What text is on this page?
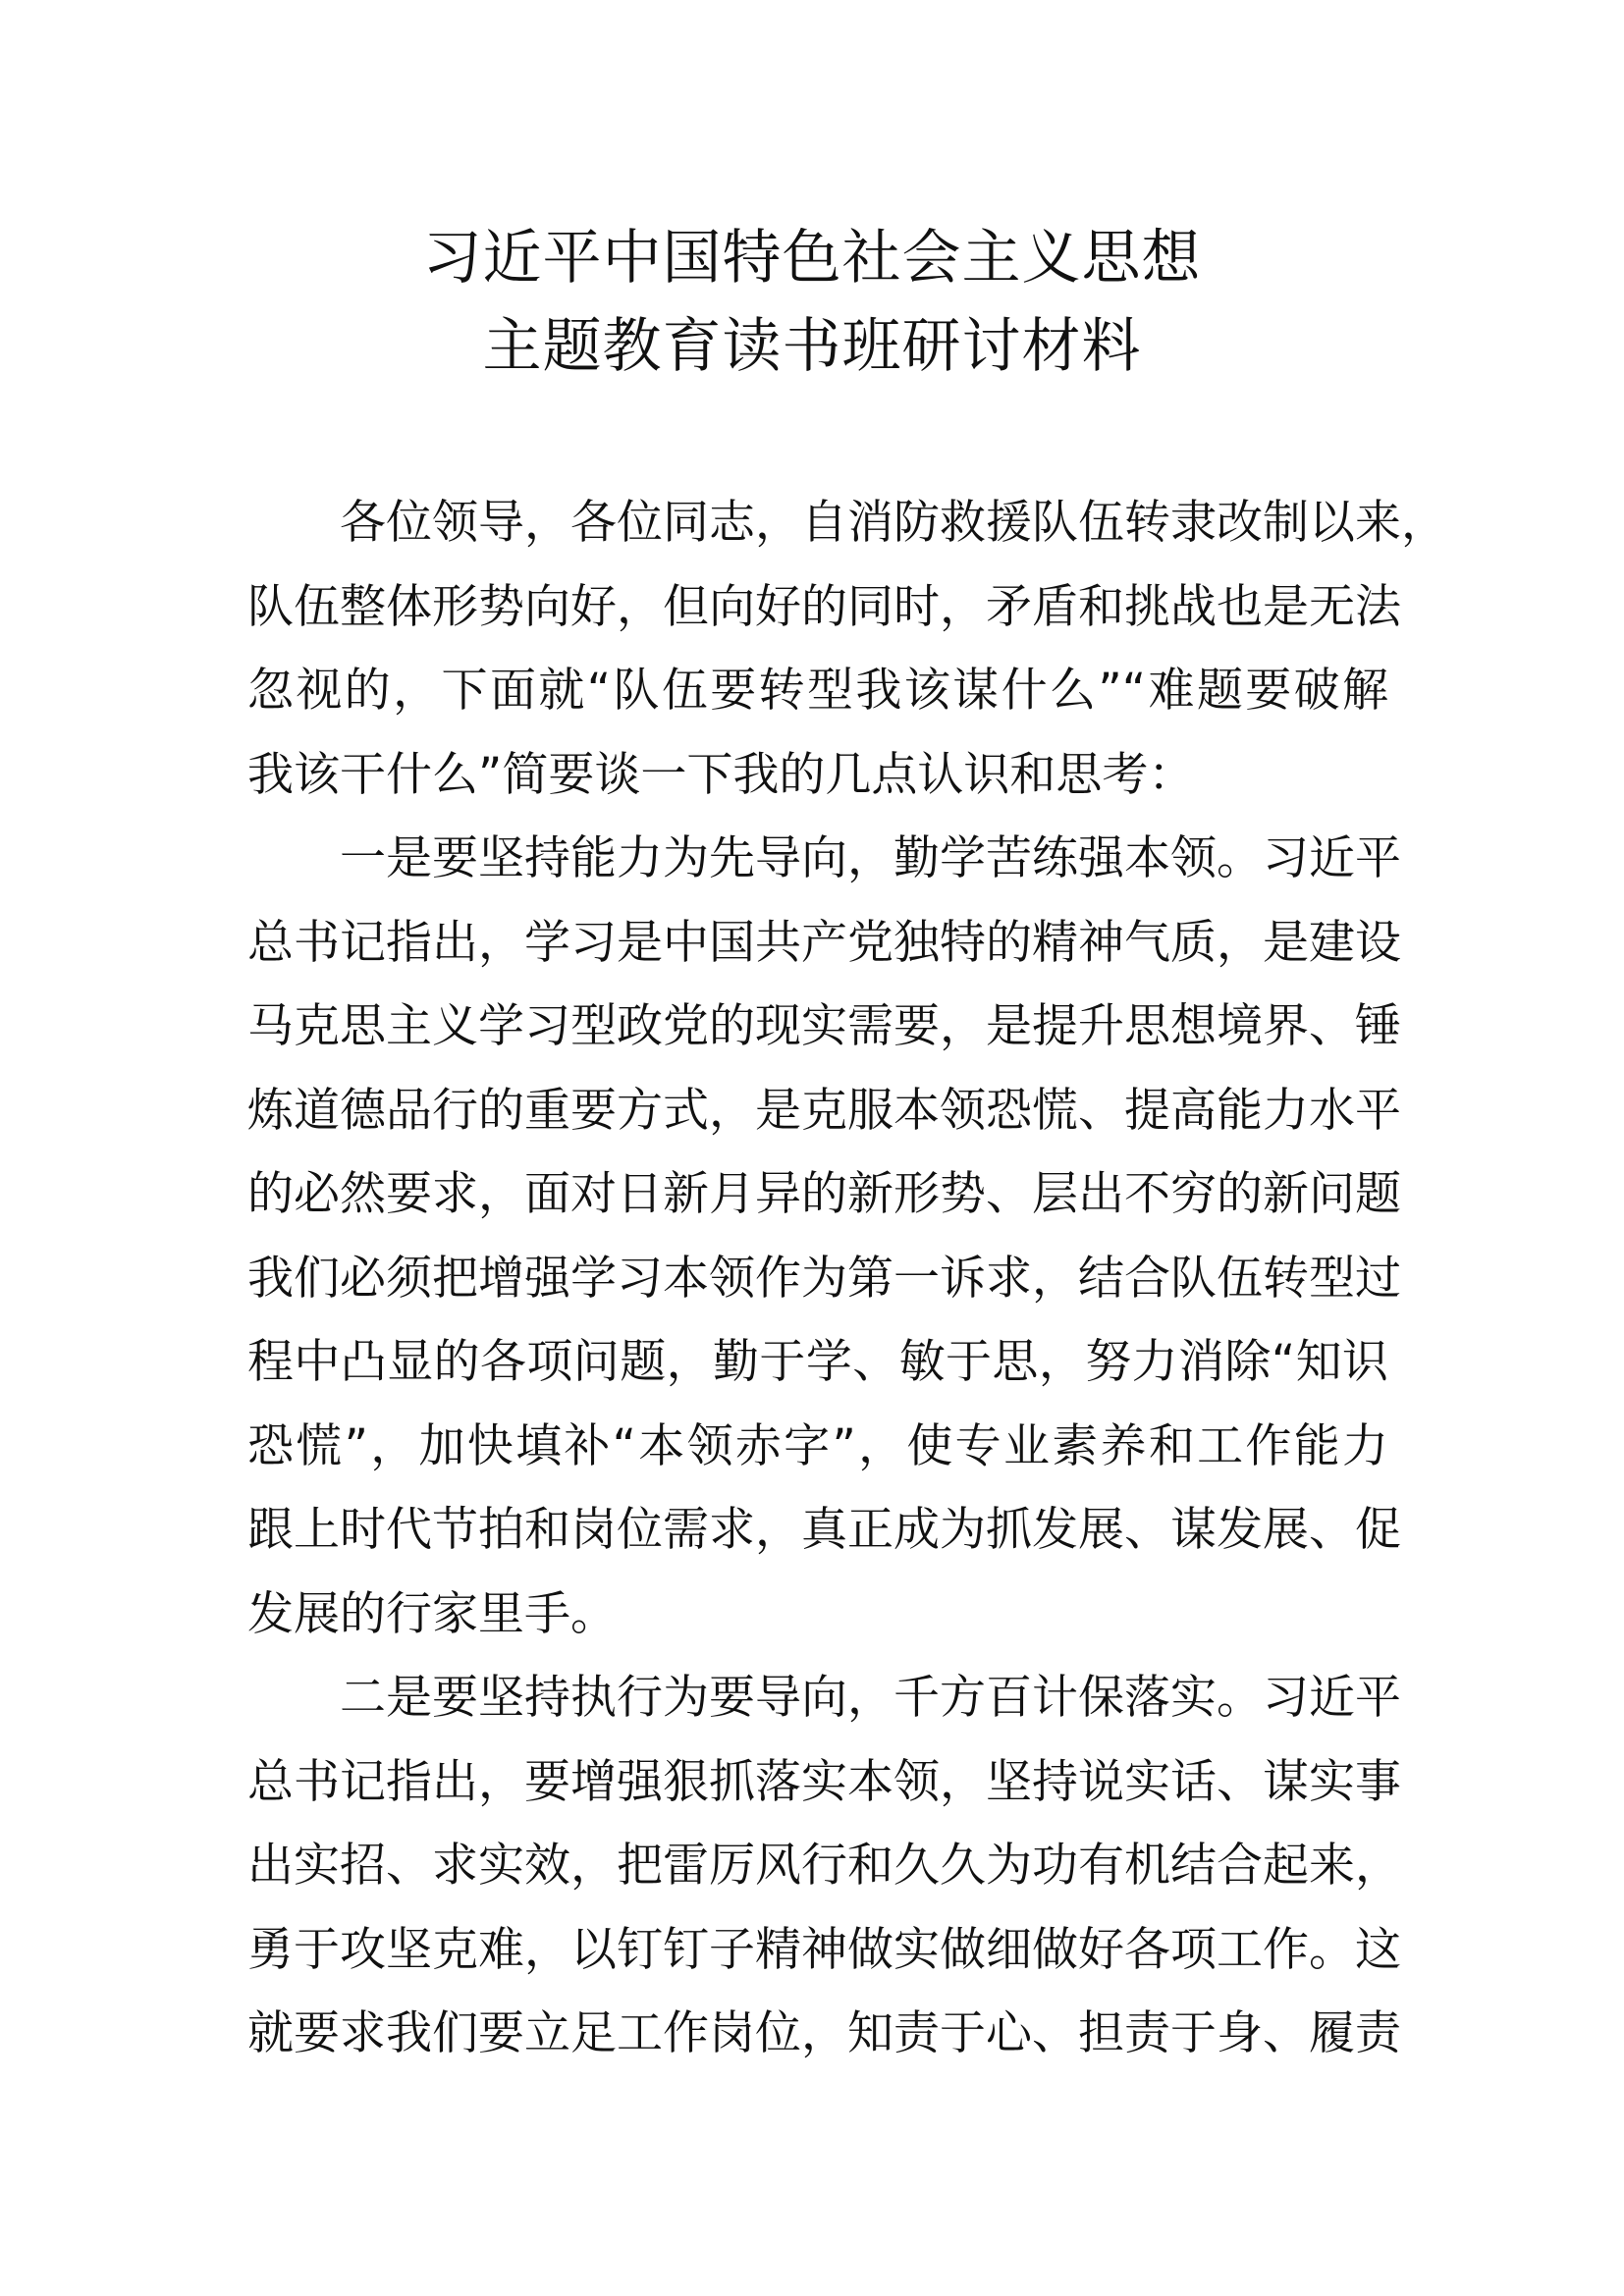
习近平中国特色社会主义思想
主题教育读书班研讨材料
各位领导，各位同志，自消防救援队伍转隶改制以来，
队伍整体形势向好，但向好的同时，矛盾和挑战也是无法
忽视的，下面就“队伍要转型我该谋什么”“难题要破解
我该干什么”简要谈一下我的几点认识和思考：
一是要坚持能力为先导向，勤学苦练强本领。习近平
总书记指出，学习是中国共产党独特的精神气质，是建设
马克思主义学习型政党的现实需要，是提升思想境界、锤
炼道德品行的重要方式，是克服本领恐慌、提高能力水平
的必然要求，面对日新月异的新形势、层出不穷的新问题
我们必须把增强学习本领作为第一诉求，结合队伍转型过
程中凸显的各项问题，勤于学、敏于思，努力消除“知识
恐慌”，加快填补“本领赤字”，使专业素养和工作能力
跟上时代节拍和岗位需求，真正成为抓发展、谋发展、促
发展的行家里手。
二是要坚持执行为要导向，千方百计保落实。习近平
总书记指出，要增强狠抓落实本领，坚持说实话、谋实事
出实招、求实效，把雷厉风行和久久为功有机结合起来，
勇于攻坚克难，以钉钉子精神做实做细做好各项工作。这
就要求我们要立足工作岗位，知责于心、担责于身、履责
